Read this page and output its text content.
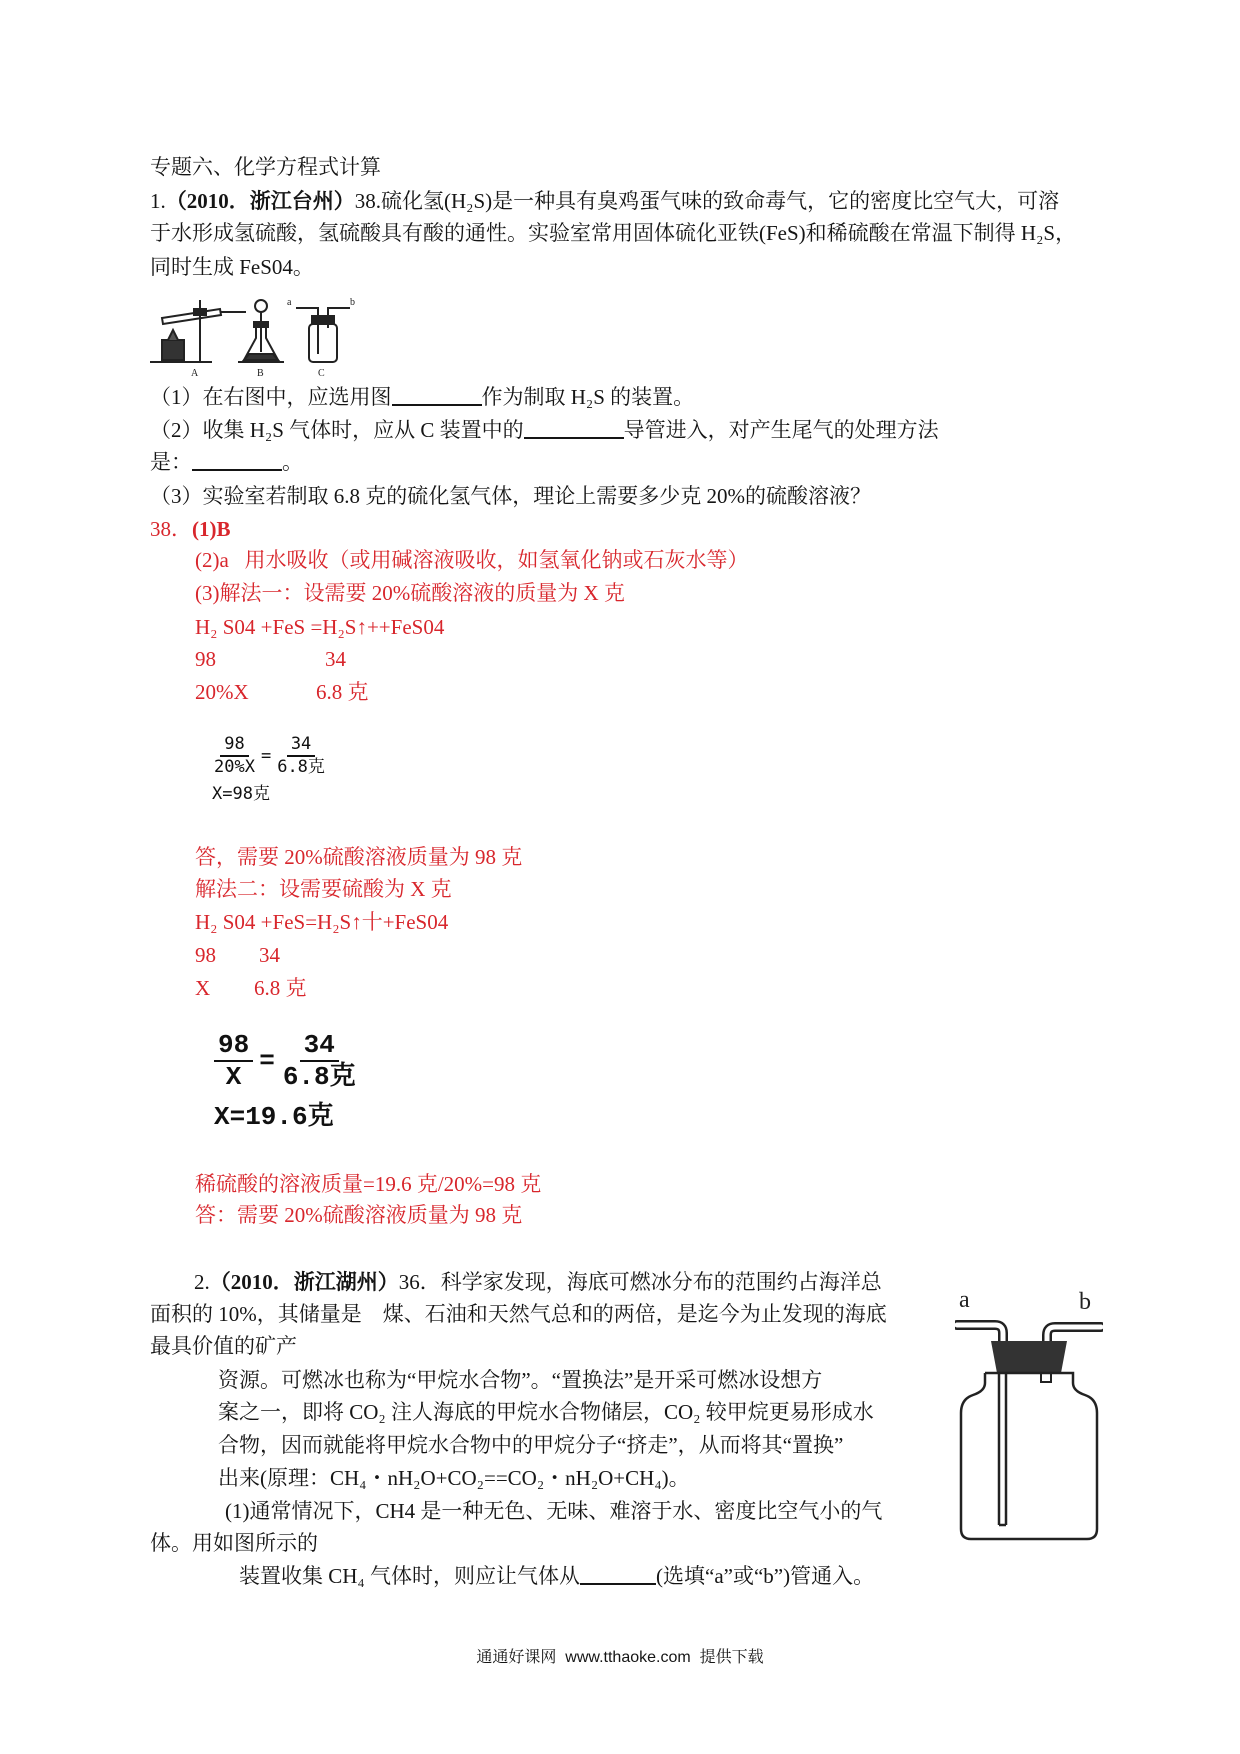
专题六、化学方程式计算
1.（2010．浙江台州）38.硫化氢(H₂S)是一种具有臭鸡蛋气味的致命毒气，它的密度比空气大，可溶
于水形成氢硫酸，氢硫酸具有酸的通性。实验室常用固体硫化亚铁(FeS)和稀硫酸在常温下制得 H₂S，
同时生成 FeS04。
A	B	C
a	b
（1）在右图中，应选用图	作为制取 H₂S 的装置。
（2）收集 H₂S 气体时，应从 C 装置中的	导管进入，对产生尾气的处理方法
是：	。
（3）实验室若制取 6.8 克的硫化氢气体，理论上需要多少克 20%的硫酸溶液？
38．(1)B
(2)a   用水吸收（或用碱溶液吸收，如氢氧化钠或石灰水等）
(3)解法一：设需要 20%硫酸溶液的质量为 X 克
H₂ S04 +FeS =H₂S↑++FeS04
98	34
20%X	6.8 克
$\frac{98}{20\%X} = \frac{34}{\text{6.8克}}$
X=98克
答，需要 20%硫酸溶液质量为 98 克
解法二：设需要硫酸为 X 克
H₂ S04 +FeS=H₂S↑十+FeS04
98 34
X 6.8 克
$\frac{98}{X} = \frac{34}{\text{6.8克}}$
X=19.6克
稀硫酸的溶液质量=19.6 克/20%=98 克
答：需要 20%硫酸溶液质量为 98 克
2.（2010．浙江湖州）36．科学家发现，海底可燃冰分布的范围约占海洋总
面积的 10%，其储量是　煤、石油和天然气总和的两倍，是迄今为止发现的海底
最具价值的矿产
资源。可燃冰也称为“甲烷水合物”。“置换法”是开采可燃冰设想方
案之一，即将 CO₂ 注人海底的甲烷水合物储层，CO₂ 较甲烷更易形成水
合物，因而就能将甲烷水合物中的甲烷分子“挤走”，从而将其“置换”
出来(原理：CH₄・nH₂O+CO₂==CO₂・nH₂O+CH₄)。
(1)通常情况下，CH4 是一种无色、无味、难溶于水、密度比空气小的气
体。用如图所示的
装置收集 CH₄ 气体时，则应让气体从	(选填“a”或“b”)管通入。
a	b
通通好课网  www.tthaoke.com  提供下载
